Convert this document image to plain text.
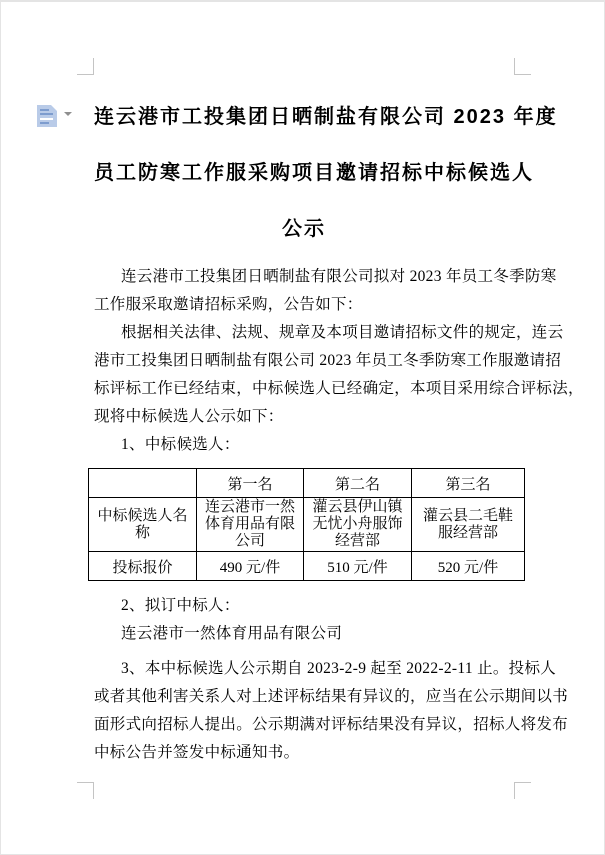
连云港市工投集团日晒制盐有限公司 2023 年度
员工防寒工作服采购项目邀请招标中标候选人
公示
连云港市工投集团日晒制盐有限公司拟对 2023 年员工冬季防寒
工作服采取邀请招标采购，公告如下：
根据相关法律、法规、规章及本项目邀请招标文件的规定，连云
港市工投集团日晒制盐有限公司 2023 年员工冬季防寒工作服邀请招
标评标工作已经结束，中标候选人已经确定，本项目采用综合评标法，
现将中标候选人公示如下：
1、中标候选人：
	第一名	第二名	第三名
中标候选人名称	连云港市一然体育用品有限公司	灌云县伊山镇无忧小舟服饰经营部	灌云县二毛鞋服经营部
投标报价	490 元/件	510 元/件	520 元/件
2、拟订中标人：
连云港市一然体育用品有限公司
3、本中标候选人公示期自 2023-2-9 起至 2022-2-11 止。投标人
或者其他利害关系人对上述评标结果有异议的，应当在公示期间以书
面形式向招标人提出。公示期满对评标结果没有异议，招标人将发布
中标公告并签发中标通知书。
